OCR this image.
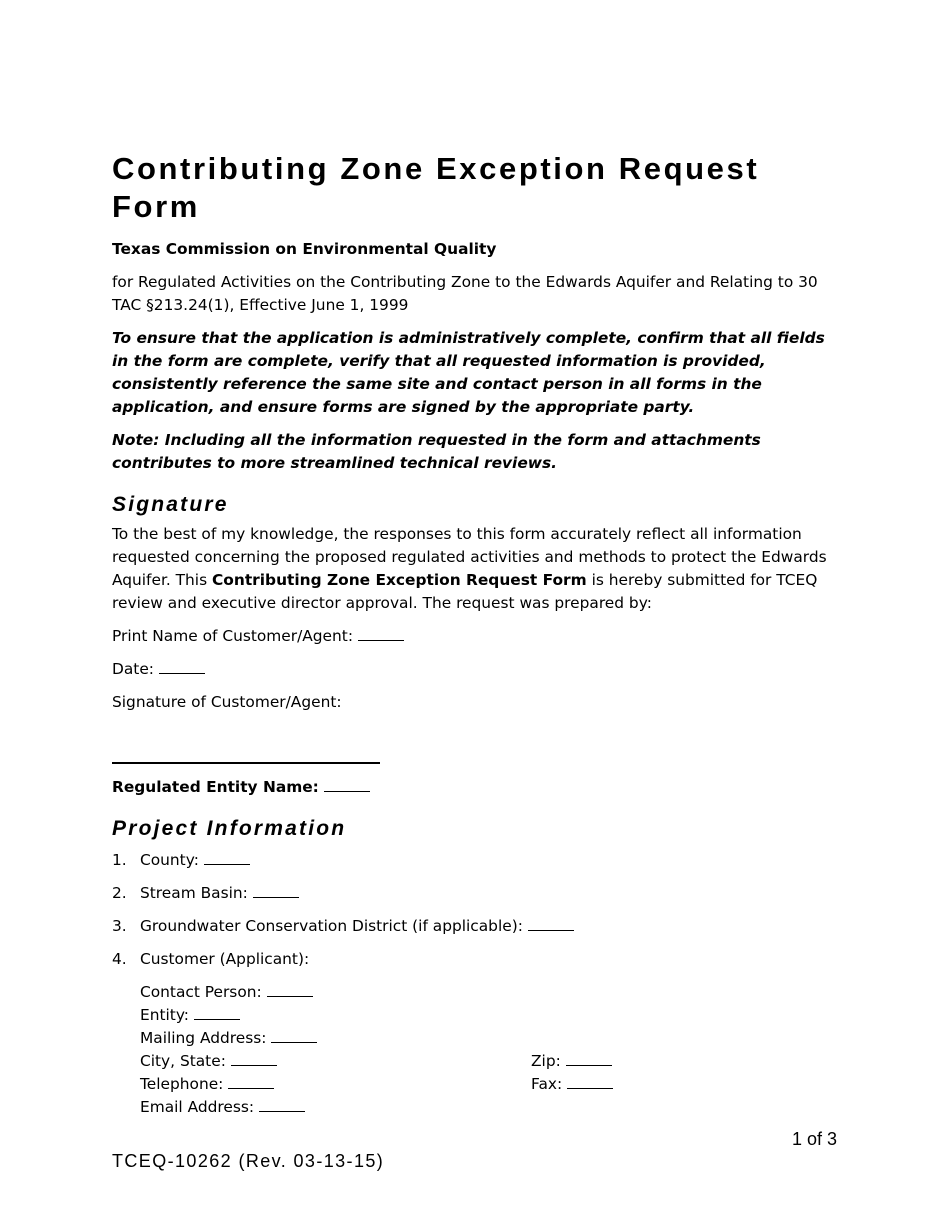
Contributing Zone Exception Request Form
Texas Commission on Environmental Quality

for Regulated Activities on the Contributing Zone to the Edwards Aquifer and Relating to 30 TAC §213.24(1), Effective June 1, 1999

To ensure that the application is administratively complete, confirm that all fields in the form are complete, verify that all requested information is provided, consistently reference the same site and contact person in all forms in the application, and ensure forms are signed by the appropriate party.

Note: Including all the information requested in the form and attachments contributes to more streamlined technical reviews.

Signature

To the best of my knowledge, the responses to this form accurately reflect all information requested concerning the proposed regulated activities and methods to protect the Edwards Aquifer. This Contributing Zone Exception Request Form is hereby submitted for TCEQ review and executive director approval. The request was prepared by:

Print Name of Customer/Agent:

Date:

Signature of Customer/Agent:

Regulated Entity Name:

Project Information
1. County:
2. Stream Basin:
3. Groundwater Conservation District (if applicable):
4. Customer (Applicant):
Contact Person:
Entity:
Mailing Address:
City, State:	Zip:
Telephone:	Fax:
Email Address:
1 of 3
TCEQ-10262 (Rev. 03-13-15)
